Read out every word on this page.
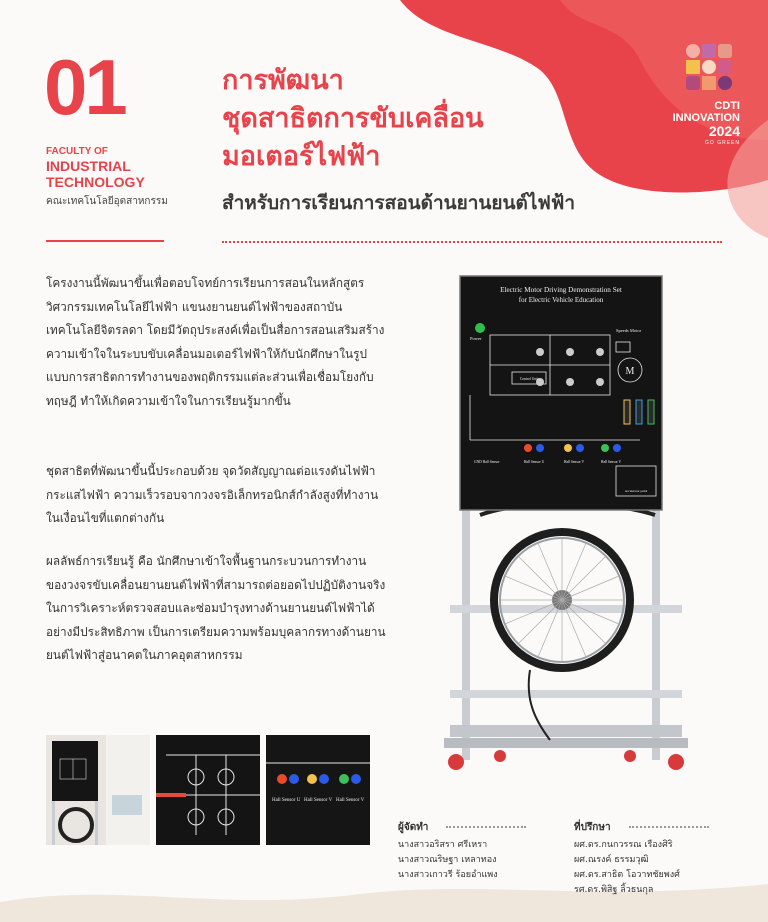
01
FACULTY OF
INDUSTRIAL
TECHNOLOGY
คณะเทคโนโลยีอุตสาหกรรม
การพัฒนา
ชุดสาธิตการขับเคลื่อน
มอเตอร์ไฟฟ้า
สำหรับการเรียนการสอนด้านยานยนต์ไฟฟ้า
CDTI
INNOVATION
2024
GO GREEN

โครงงานนี้พัฒนาขึ้นเพื่อตอบโจทย์การเรียนการสอนในหลักสูตรวิศวกรรมเทคโนโลยีไฟฟ้า แขนงยานยนต์ไฟฟ้าของสถาบันเทคโนโลยีจิตรลดา โดยมีวัตถุประสงค์เพื่อเป็นสื่อการสอนเสริมสร้างความเข้าใจในระบบขับเคลื่อนมอเตอร์ไฟฟ้าให้กับนักศึกษาในรูปแบบการสาธิตการทำงานของพฤติกรรมแต่ละส่วนเพื่อเชื่อมโยงกับทฤษฎี ทำให้เกิดความเข้าใจในการเรียนรู้มากขึ้น

ชุดสาธิตที่พัฒนาขึ้นนี้ประกอบด้วย จุดวัดสัญญาณต่อแรงดันไฟฟ้า กระแสไฟฟ้า ความเร็วรอบจากวงจรอิเล็กทรอนิกส์กำลังสูงที่ทำงานในเงื่อนไขที่แตกต่างกัน

ผลลัพธ์การเรียนรู้ คือ นักศึกษาเข้าใจพื้นฐานกระบวนการทำงานของวงจรขับเคลื่อนยานยนต์ไฟฟ้าที่สามารถต่อยอดไปปฏิบัติงานจริงในการวิเคราะห์ตรวจสอบและซ่อมบำรุงทางด้านยานยนต์ไฟฟ้าได้อย่างมีประสิทธิภาพ เป็นการเตรียมความพร้อมบุคลากรทางด้านยานยนต์ไฟฟ้าสู่อนาคตในภาคอุตสาหกรรม

Electric Motor Driving Demonstration Set
for Electric Vehicle Education
Power
Speeds Motor
Control Unit
M
GND Hall Sensor	Hall Sensor U	Hall Sensor V	Hall Sensor V
Accelerator pedal
Hall Sensor U Hall Sensor V Hall Sensor V
ผู้จัดทำ
นางสาวอริสรา ศรีเหรา
นางสาวณริษฐา เหลาทอง
นางสาวเกาวรี ร้อยอำแพง
ที่ปรึกษา
ผศ.ดร.กนกวรรณ เรืองศิริ
ผศ.ณรงค์ ธรรมวุฒิ
ผศ.ดร.สาธิต โอวาทชัยพงศ์
รศ.ดร.พิสิฐ ลิ้วธนกุล
